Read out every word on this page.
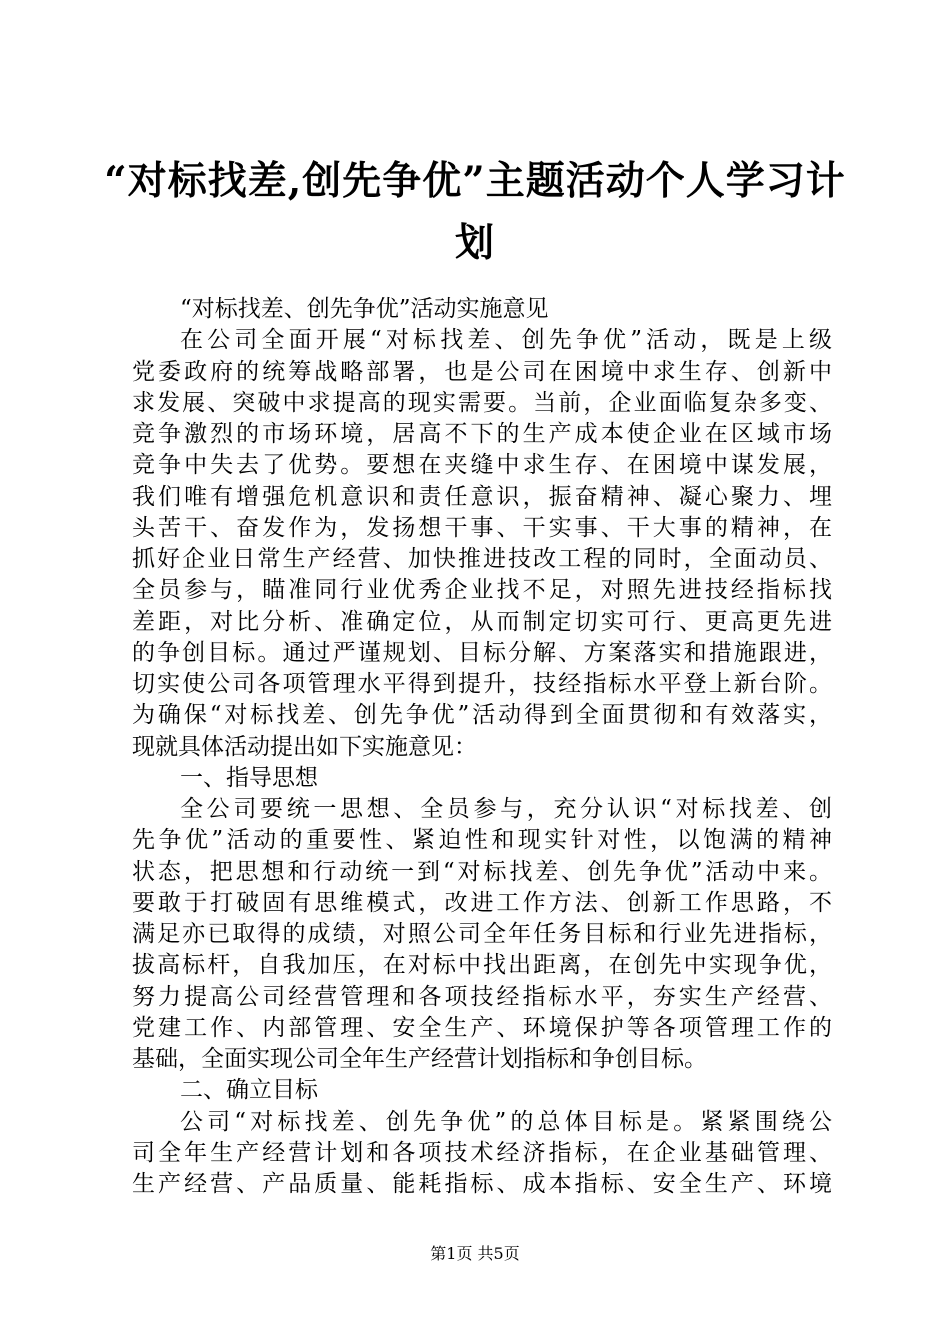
“对标找差,创先争优”主题活动个人学习计
划
“对标找差、创先争优”活动实施意见
在公司全面开展“对标找差、创先争优”活动，既是上级
党委政府的统筹战略部署，也是公司在困境中求生存、创新中
求发展、突破中求提高的现实需要。当前，企业面临复杂多变、
竞争激烈的市场环境，居高不下的生产成本使企业在区域市场
竞争中失去了优势。要想在夹缝中求生存、在困境中谋发展，
我们唯有增强危机意识和责任意识，振奋精神、凝心聚力、埋
头苦干、奋发作为，发扬想干事、干实事、干大事的精神，在
抓好企业日常生产经营、加快推进技改工程的同时，全面动员、
全员参与，瞄准同行业优秀企业找不足，对照先进技经指标找
差距，对比分析、准确定位，从而制定切实可行、更高更先进
的争创目标。通过严谨规划、目标分解、方案落实和措施跟进，
切实使公司各项管理水平得到提升，技经指标水平登上新台阶。
为确保“对标找差、创先争优”活动得到全面贯彻和有效落实，
现就具体活动提出如下实施意见：
一、指导思想
全公司要统一思想、全员参与，充分认识“对标找差、创
先争优”活动的重要性、紧迫性和现实针对性，以饱满的精神
状态，把思想和行动统一到“对标找差、创先争优”活动中来。
要敢于打破固有思维模式，改进工作方法、创新工作思路，不
满足亦已取得的成绩，对照公司全年任务目标和行业先进指标，
拔高标杆，自我加压，在对标中找出距离，在创先中实现争优，
努力提高公司经营管理和各项技经指标水平，夯实生产经营、
党建工作、内部管理、安全生产、环境保护等各项管理工作的
基础，全面实现公司全年生产经营计划指标和争创目标。
二、确立目标
公司“对标找差、创先争优”的总体目标是。紧紧围绕公
司全年生产经营计划和各项技术经济指标，在企业基础管理、
生产经营、产品质量、能耗指标、成本指标、安全生产、环境
第1页 共5页
